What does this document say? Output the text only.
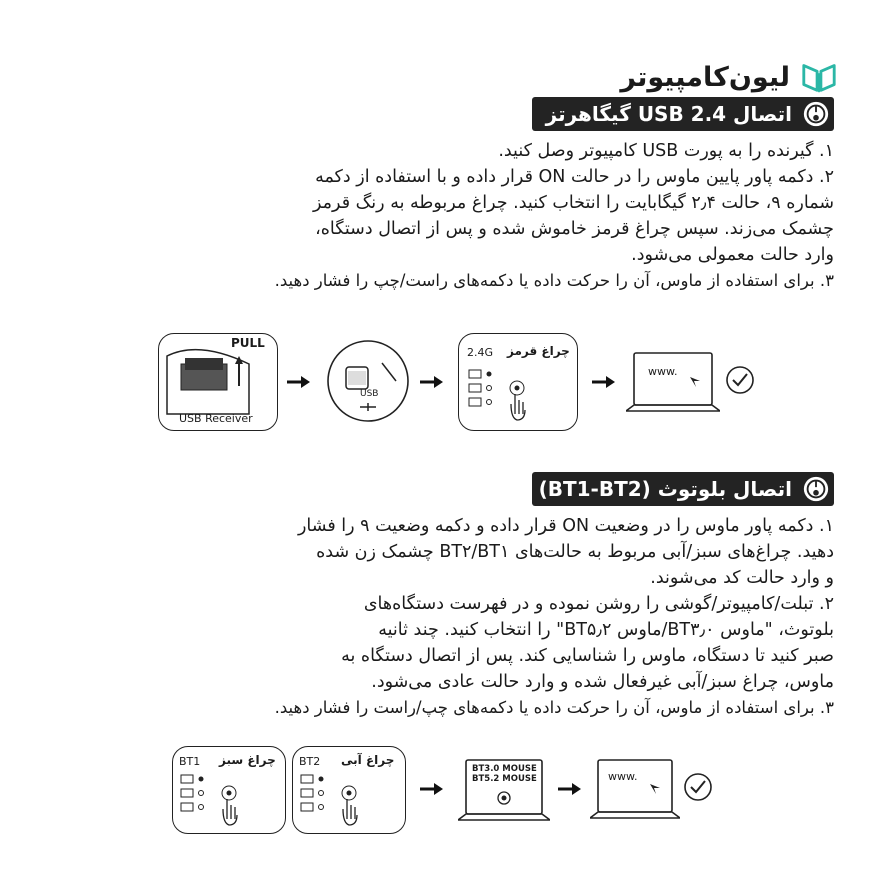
لیون‌کامپیوتر
اتصال USB 2.4 گیگاهرتز

۱. گیرنده را به پورت USB کامپیوتر وصل کنید.

۲. دکمه پاور پایین ماوس را در حالت ON قرار داده و با استفاده از دکمه

شماره ۹، حالت ۲٫۴ گیگابایت را انتخاب کنید. چراغ مربوطه به رنگ قرمز

چشمک می‌زند. سپس چراغ قرمز خاموش شده و پس از اتصال دستگاه،

وارد حالت معمولی می‌شود.

۳. برای استفاده از ماوس، آن را حرکت داده یا دکمه‌های راست/چپ را فشار دهید.

PULL
USB Receiver
USB
2.4G چراغ قرمز
www.
اتصال بلوتوث (BT1-BT2)

۱. دکمه پاور ماوس را در وضعیت ON قرار داده و دکمه وضعیت ۹ را فشار

دهید. چراغ‌های سبز/آبی مربوط به حالت‌های BT۲/BT۱ چشمک زن شده

و وارد حالت کد می‌شوند.

۲. تبلت/کامپیوتر/گوشی را روشن نموده و در فهرست دستگاه‌های

بلوتوث، "ماوس BT۳٫۰/ماوس BT۵٫۲" را انتخاب کنید. چند ثانیه

صبر کنید تا دستگاه، ماوس را شناسایی کند. پس از اتصال دستگاه به

ماوس، چراغ سبز/آبی غیرفعال شده و وارد حالت عادی می‌شود.

۳. برای استفاده از ماوس، آن را حرکت داده یا دکمه‌های چپ/راست را فشار دهید.

BT1 چراغ سبز BT2 چراغ آبی
BT3.0 MOUSE
BT5.2 MOUSE	www.
